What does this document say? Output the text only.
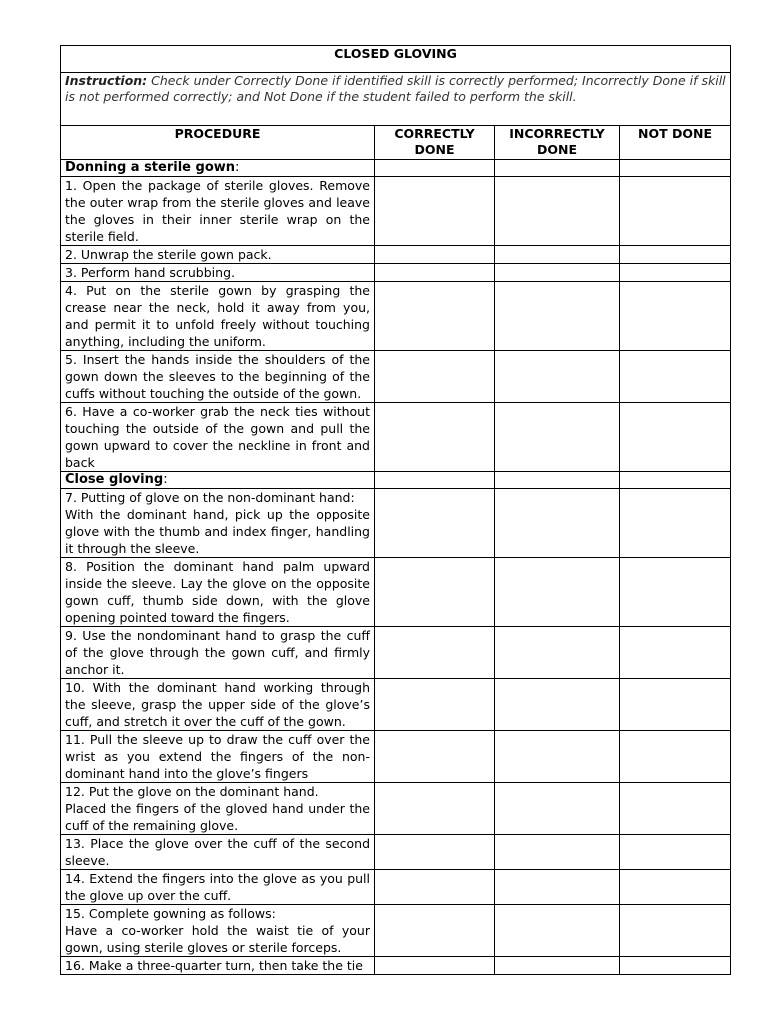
CLOSED GLOVING			
Instruction: Check under Correctly Done if identified skill is correctly performed; Incorrectly Done if skill is not performed correctly; and Not Done if the student failed to perform the skill.			
PROCEDURE	CORRECTLY DONE	INCORRECTLY DONE	NOT DONE
Donning a sterile gown:			

1. Open the package of sterile gloves. Remove the outer wrap from the sterile gloves and leave the gloves in their inner sterile wrap on the sterile field.			

2. Unwrap the sterile gown pack.			

3. Perform hand scrubbing.			

4. Put on the sterile gown by grasping the crease near the neck, hold it away from you, and permit it to unfold freely without touching anything, including the uniform.			

5. Insert the hands inside the shoulders of the gown down the sleeves to the beginning of the cuffs without touching the outside of the gown.			

6. Have a co-worker grab the neck ties without touching the outside of the gown and pull the gown upward to cover the neckline in front and back			

Close gloving:			

7. Putting of glove on the non-dominant hand:
With the dominant hand, pick up the opposite glove with the thumb and index finger, handling it through the sleeve.			

8. Position the dominant hand palm upward inside the sleeve. Lay the glove on the opposite gown cuff, thumb side down, with the glove opening pointed toward the fingers.			

9. Use the nondominant hand to grasp the cuff of the glove through the gown cuff, and firmly anchor it.			

10. With the dominant hand working through the sleeve, grasp the upper side of the glove’s cuff, and stretch it over the cuff of the gown.			

11. Pull the sleeve up to draw the cuff over the wrist as you extend the fingers of the non-dominant hand into the glove’s fingers			

12. Put the glove on the dominant hand.
Placed the fingers of the gloved hand under the cuff of the remaining glove.			

13. Place the glove over the cuff of the second sleeve.			

14. Extend the fingers into the glove as you pull the glove up over the cuff.			

15. Complete gowning as follows:
Have a co-worker hold the waist tie of your gown, using sterile gloves or sterile forceps.			

16. Make a three-quarter turn, then take the tie			
